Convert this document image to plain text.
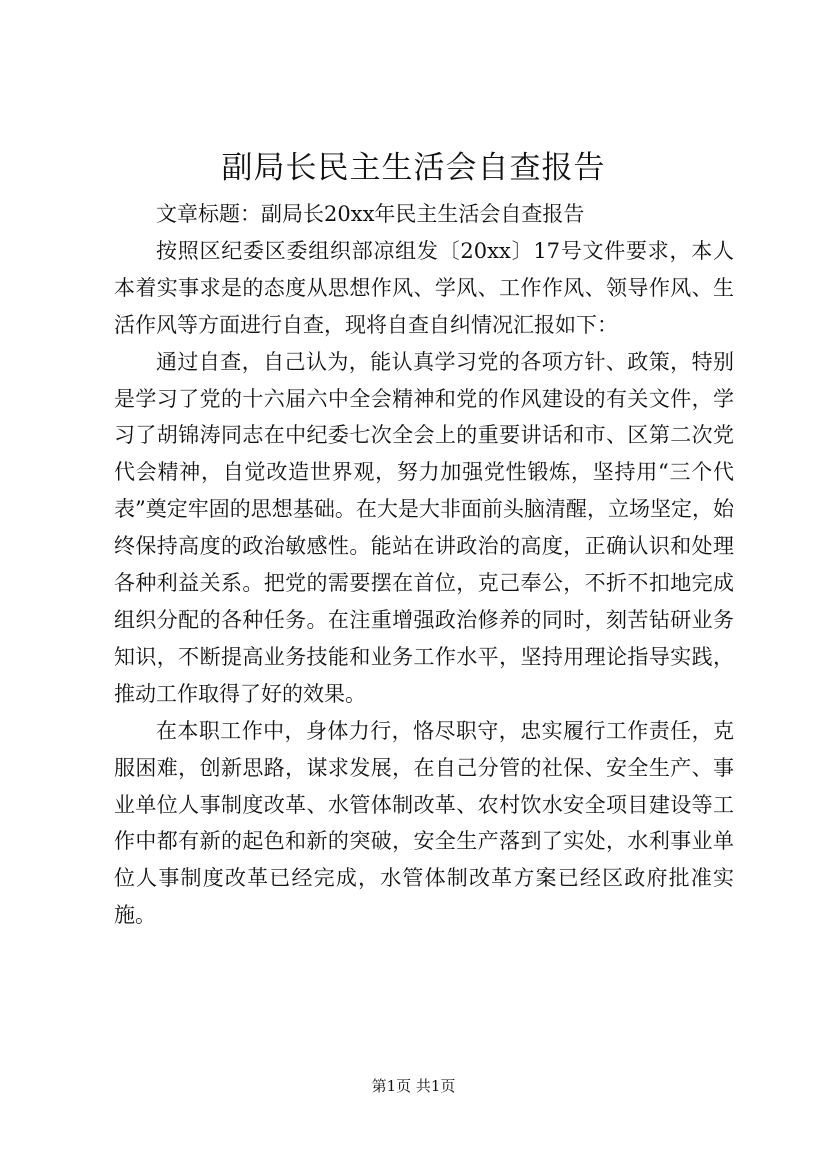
副局长民主生活会自查报告

文章标题：副局长20xx年民主生活会自查报告

按照区纪委区委组织部凉组发〔20xx〕17号文件要求，本人本着实事求是的态度从思想作风、学风、工作作风、领导作风、生活作风等方面进行自查，现将自查自纠情况汇报如下：

通过自查，自己认为，能认真学习党的各项方针、政策，特别是学习了党的十六届六中全会精神和党的作风建设的有关文件，学习了胡锦涛同志在中纪委七次全会上的重要讲话和市、区第二次党代会精神，自觉改造世界观，努力加强党性锻炼，坚持用“三个代表”奠定牢固的思想基础。在大是大非面前头脑清醒，立场坚定，始终保持高度的政治敏感性。能站在讲政治的高度，正确认识和处理各种利益关系。把党的需要摆在首位，克己奉公，不折不扣地完成组织分配的各种任务。在注重增强政治修养的同时，刻苦钻研业务知识，不断提高业务技能和业务工作水平，坚持用理论指导实践，推动工作取得了好的效果。

在本职工作中，身体力行，恪尽职守，忠实履行工作责任，克服困难，创新思路，谋求发展，在自己分管的社保、安全生产、事业单位人事制度改革、水管体制改革、农村饮水安全项目建设等工作中都有新的起色和新的突破，安全生产落到了实处，水利事业单位人事制度改革已经完成，水管体制改革方案已经区政府批准实施。

第1页 共1页
